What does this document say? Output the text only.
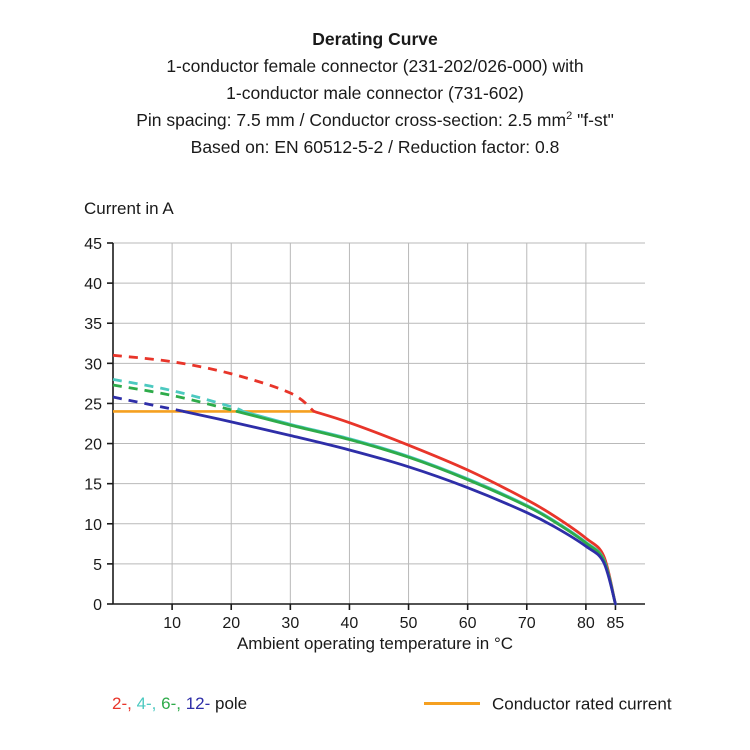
Derating Curve
1-conductor female connector (231-202/026-000) with
1-conductor male connector (731-602)
Pin spacing: 7.5 mm / Conductor cross-section: 2.5 $mm^2$ "f-st"
Based on: EN 60512-5-2 / Reduction factor: 0.8
Current in A
Ambient operating temperature in °C
0
5
10
15
20
25
30
35
40
45
10	20	30	40	50	60	70	80 85
2-, 4-, 6-, 12- pole	Conductor rated current
